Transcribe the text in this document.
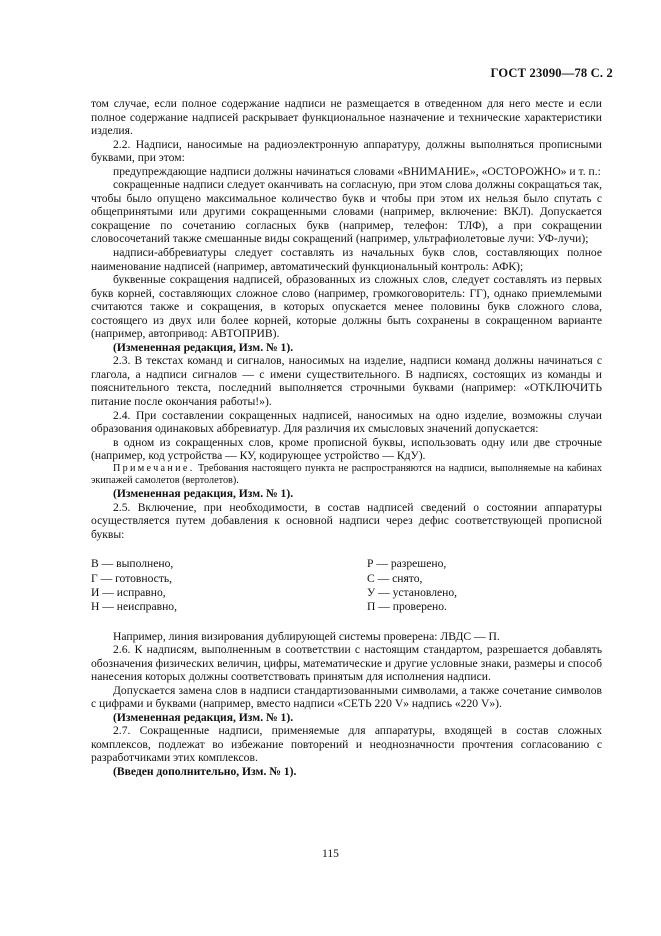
ГОСТ 23090—78 С. 2

том случае, если полное содержание надписи не размещается в отведенном для него месте и если полное содержание надписей раскрывает функциональное назначение и технические характеристики изделия.

2.2. Надписи, наносимые на радиоэлектронную аппаратуру, должны выполняться прописными буквами, при этом:

предупреждающие надписи должны начинаться словами «ВНИМАНИЕ», «ОСТОРОЖНО» и т. п.:

сокращенные надписи следует оканчивать на согласную, при этом слова должны сокращаться так, чтобы было опущено максимальное количество букв и чтобы при этом их нельзя было спутать с общепринятыми или другими сокращенными словами (например, включение: ВКЛ). Допускается сокращение по сочетанию согласных букв (например, телефон: ТЛФ), а при сокращении словосочетаний также смешанные виды сокращений (например, ультрафиолетовые лучи: УФ-лучи);

надписи-аббревиатуры следует составлять из начальных букв слов, составляющих полное наименование надписей (например, автоматический функциональный контроль: АФК);

буквенные сокращения надписей, образованных из сложных слов, следует составлять из первых букв корней, составляющих сложное слово (например, громкоговоритель: ГГ), однако приемлемыми считаются также и сокращения, в которых опускается менее половины букв сложного слова, состоящего из двух или более корней, которые должны быть сохранены в сокращенном варианте (например, автопривод: АВТОПРИВ).

(Измененная редакция, Изм. № 1).

2.3. В текстах команд и сигналов, наносимых на изделие, надписи команд должны начинаться с глагола, а надписи сигналов — с имени существительного. В надписях, состоящих из команды и пояснительного текста, последний выполняется строчными буквами (например: «ОТКЛЮЧИТЬ питание после окончания работы!»).

2.4. При составлении сокращенных надписей, наносимых на одно изделие, возможны случаи образования одинаковых аббревиатур. Для различия их смысловых значений допускается:

в одном из сокращенных слов, кроме прописной буквы, использовать одну или две строчные (например, код устройства — КУ, кодирующее устройство — КдУ).

Примечание. Требования настоящего пункта не распространяются на надписи, выполняемые на кабинах экипажей самолетов (вертолетов).

(Измененная редакция, Изм. № 1).

2.5. Включение, при необходимости, в состав надписей сведений о состоянии аппаратуры осуществляется путем добавления к основной надписи через дефис соответствующей прописной буквы:

В — выполнено,
Г — готовность,
И — исправно,
Н — неисправно,
Р — разрешено,
С — снято,
У — установлено,
П — проверено.

Например, линия визирования дублирующей системы проверена: ЛВДС — П.

2.6. К надписям, выполненным в соответствии с настоящим стандартом, разрешается добавлять обозначения физических величин, цифры, математические и другие условные знаки, размеры и способ нанесения которых должны соответствовать принятым для исполнения надписи.

Допускается замена слов в надписи стандартизованными символами, а также сочетание символов с цифрами и буквами (например, вместо надписи «СЕТЬ 220 V» надпись «220 V»).

(Измененная редакция, Изм. № 1).

2.7. Сокращенные надписи, применяемые для аппаратуры, входящей в состав сложных комплексов, подлежат во избежание повторений и неоднозначности прочтения согласованию с разработчиками этих комплексов.

(Введен дополнительно, Изм. № 1).

115
